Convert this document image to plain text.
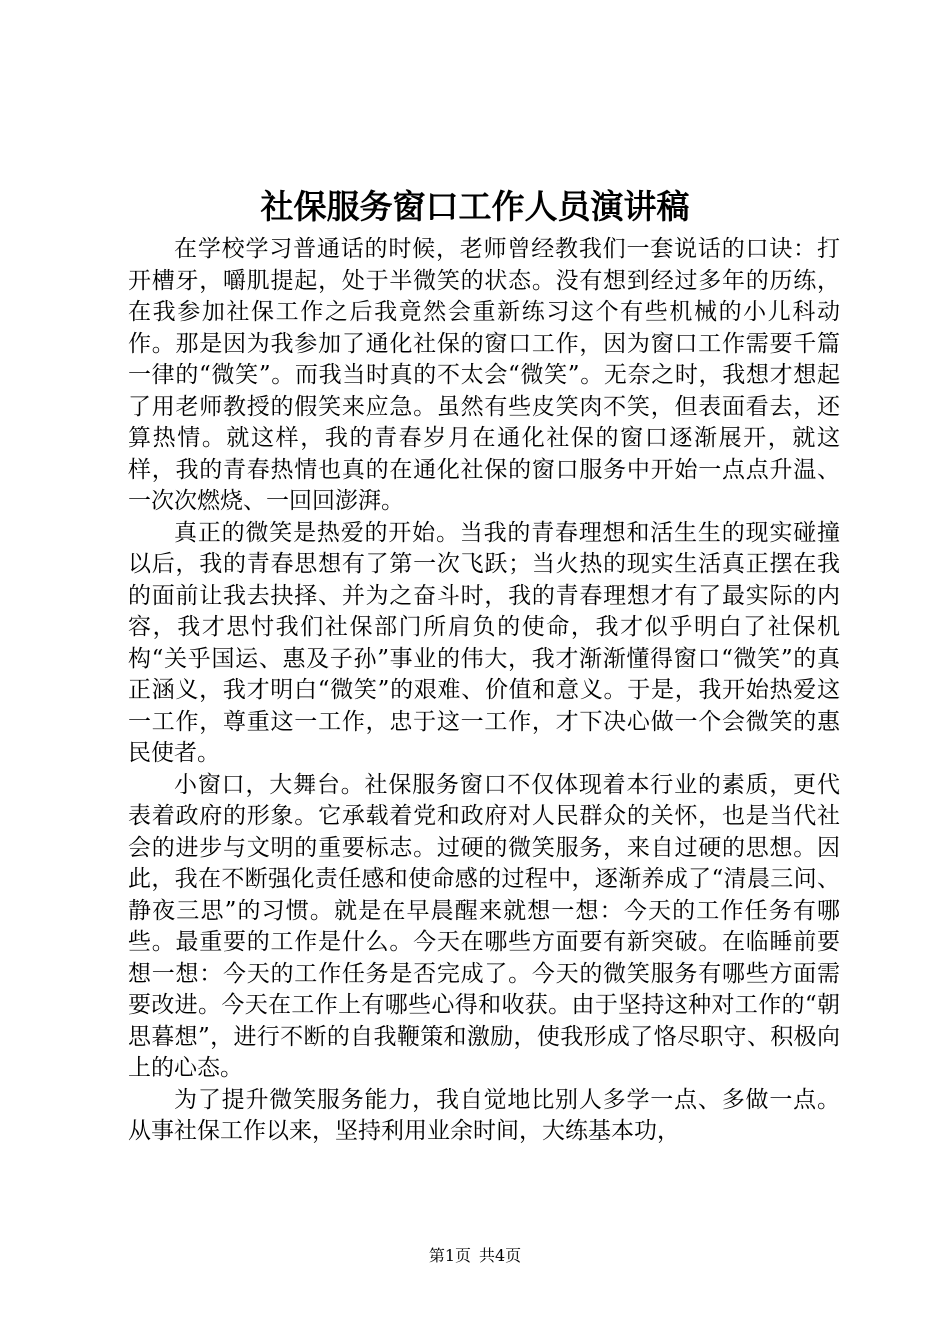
社保服务窗口工作人员演讲稿

在学校学习普通话的时候，老师曾经教我们一套说话的口诀：打开槽牙，嚼肌提起，处于半微笑的状态。没有想到经过多年的历练，在我参加社保工作之后我竟然会重新练习这个有些机械的小儿科动作。那是因为我参加了通化社保的窗口工作，因为窗口工作需要千篇一律的“微笑”。而我当时真的不太会“微笑”。无奈之时，我想才想起了用老师教授的假笑来应急。虽然有些皮笑肉不笑，但表面看去，还算热情。就这样，我的青春岁月在通化社保的窗口逐渐展开，就这样，我的青春热情也真的在通化社保的窗口服务中开始一点点升温、一次次燃烧、一回回澎湃。

真正的微笑是热爱的开始。当我的青春理想和活生生的现实碰撞以后，我的青春思想有了第一次飞跃；当火热的现实生活真正摆在我的面前让我去抉择、并为之奋斗时，我的青春理想才有了最实际的内容，我才思忖我们社保部门所肩负的使命，我才似乎明白了社保机构“关乎国运、惠及子孙”事业的伟大，我才渐渐懂得窗口“微笑”的真正涵义，我才明白“微笑”的艰难、价值和意义。于是，我开始热爱这一工作，尊重这一工作，忠于这一工作，才下决心做一个会微笑的惠民使者。

小窗口，大舞台。社保服务窗口不仅体现着本行业的素质，更代表着政府的形象。它承载着党和政府对人民群众的关怀，也是当代社会的进步与文明的重要标志。过硬的微笑服务，来自过硬的思想。因此，我在不断强化责任感和使命感的过程中，逐渐养成了“清晨三问、静夜三思”的习惯。就是在早晨醒来就想一想：今天的工作任务有哪些。最重要的工作是什么。今天在哪些方面要有新突破。在临睡前要想一想：今天的工作任务是否完成了。今天的微笑服务有哪些方面需要改进。今天在工作上有哪些心得和收获。由于坚持这种对工作的“朝思暮想”，进行不断的自我鞭策和激励，使我形成了恪尽职守、积极向上的心态。

为了提升微笑服务能力，我自觉地比别人多学一点、多做一点。从事社保工作以来，坚持利用业余时间，大练基本功，

第1页 共4页
